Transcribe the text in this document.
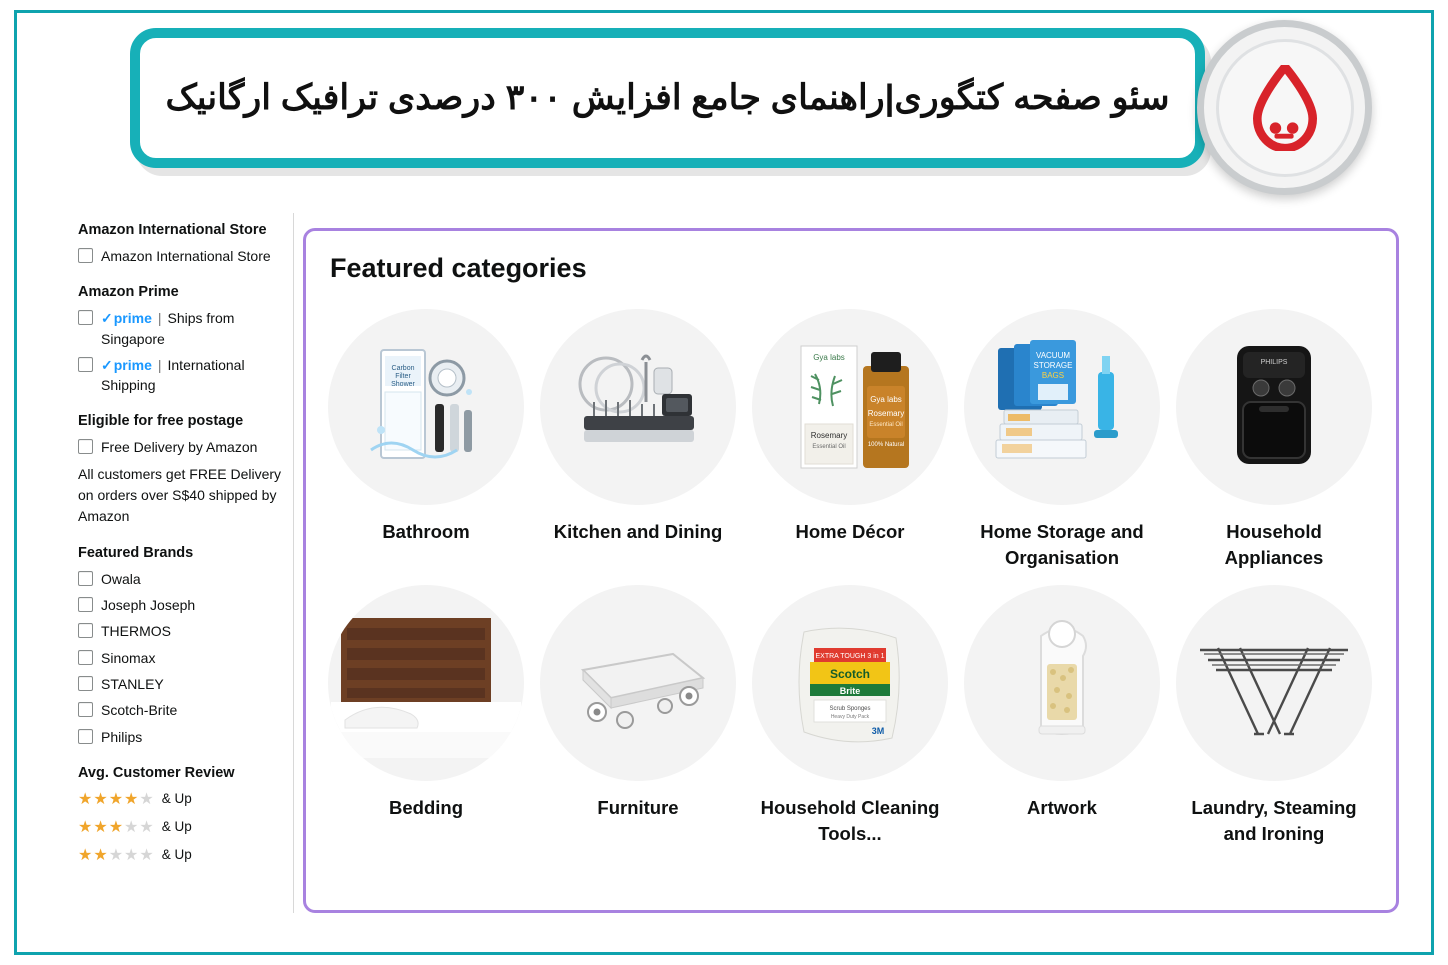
سئو صفحه کتگوری|راهنمای جامع افزایش ۳۰۰ درصدی ترافیک ارگانیک
Amazon International Store
Amazon International Store
Amazon Prime
✓ prime | Ships from Singapore
✓ prime | International Shipping
Eligible for free postage
Free Delivery by Amazon
All customers get FREE Delivery on orders over S$40 shipped by Amazon
Featured Brands
Owala
Joseph Joseph
THERMOS
Sinomax
STANLEY
Scotch-Brite
Philips
Avg. Customer Review
★★★★★ & Up
★★★★★ & Up
★★★★★ & Up
Featured categories
Carbon
Filter
Shower
Bathroom	Kitchen and Dining
Gya labs
Rosemary
Essential Oil
Gya labs
Rosemary
Essential Oil
100% Natural
Home Décor
VACUUM
STORAGE
BAGS
Home Storage and Organisation
PHILIPS
Household Appliances
Bedding	Furniture
EXTRA TOUGH 3 in 1
Scotch
Brite
Scrub Sponges
Heavy Duty Pack
3M
Household Cleaning Tools...
Artwork	Laundry, Steaming and Ironing
